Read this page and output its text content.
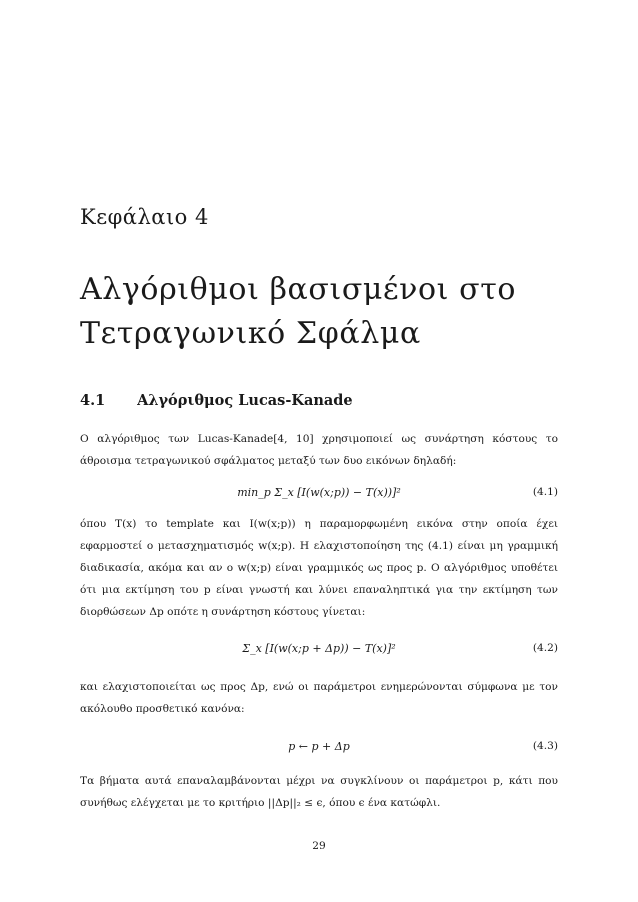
Κεφάλαιο 4
Αλγόριθμοι βασισμένοι στο Τετραγωνικό Σφάλμα
4.1 Αλγόριθμος Lucas-Kanade
Ο αλγόριθμος των Lucas-Kanade[4, 10] χρησιμοποιεί ως συνάρτηση κόστους το άθροισμα τετραγωνικού σφάλματος μεταξύ των δυο εικόνων δηλαδή:
min_p Σ_x [I(w(x;p)) − T(x))]²	(4.1)
όπου T(x) το template και I(w(x;p)) η παραμορφωμένη εικόνα στην οποία έχει εφαρμοστεί ο μετασχηματισμός w(x;p). Η ελαχιστοποίηση της (4.1) είναι μη γραμμική διαδικασία, ακόμα και αν ο w(x;p) είναι γραμμικός ως προς p. Ο αλγόριθμος υποθέτει ότι μια εκτίμηση του p είναι γνωστή και λύνει επαναληπτικά για την εκτίμηση των διορθώσεων Δp οπότε η συνάρτηση κόστους γίνεται:
Σ_x [I(w(x;p + Δp)) − T(x)]²	(4.2)
και ελαχιστοποιείται ως προς Δp, ενώ οι παράμετροι ενημερώνονται σύμφωνα με τον ακόλουθο προσθετικό κανόνα:
p ← p + Δp	(4.3)
Τα βήματα αυτά επαναλαμβάνονται μέχρι να συγκλίνουν οι παράμετροι p, κάτι που συνήθως ελέγχεται με το κριτήριο ||Δp||₂ ≤ ϵ, όπου ϵ ένα κατώφλι.
29
